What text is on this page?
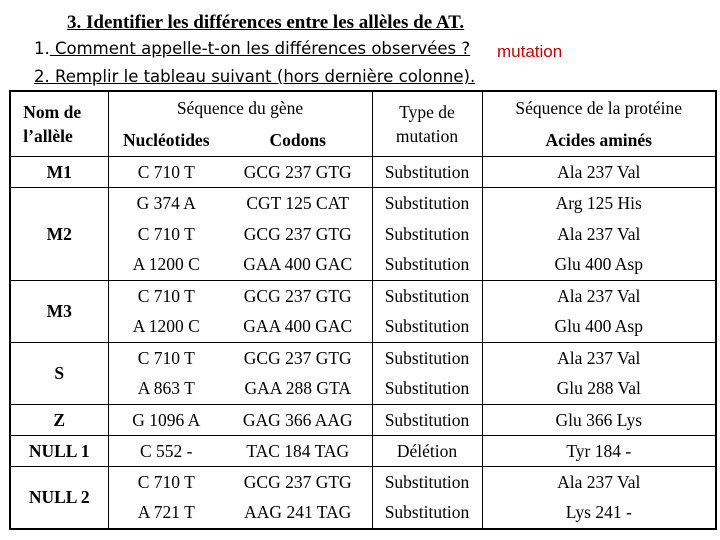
3. Identifier les différences entre les allèles de AT.
1. Comment appelle-t-on les différences observées ? mutation
2. Remplir le tableau suivant (hors dernière colonne).
Nom de l’allèle	Séquence du gène		Type de mutation	Séquence de la protéine
	Nucléotides	Codons		Acides aminés
M1	C 710 T	GCG 237 GTG	Substitution	Ala 237 Val
M2	G 374 A	CGT 125 CAT	Substitution	Arg 125 His
	C 710 T	GCG 237 GTG	Substitution	Ala 237 Val
	A 1200 C	GAA 400 GAC	Substitution	Glu 400 Asp
M3	C 710 T	GCG 237 GTG	Substitution	Ala 237 Val
	A 1200 C	GAA 400 GAC	Substitution	Glu 400 Asp
S	C 710 T	GCG 237 GTG	Substitution	Ala 237 Val
	A 863 T	GAA 288 GTA	Substitution	Glu 288 Val
Z	G 1096 A	GAG 366 AAG	Substitution	Glu 366 Lys
NULL 1	C 552 -	TAC 184 TAG	Délétion	Tyr 184 -
NULL 2	C 710 T	GCG 237 GTG	Substitution	Ala 237 Val
	A 721 T	AAG 241 TAG	Substitution	Lys 241 -
